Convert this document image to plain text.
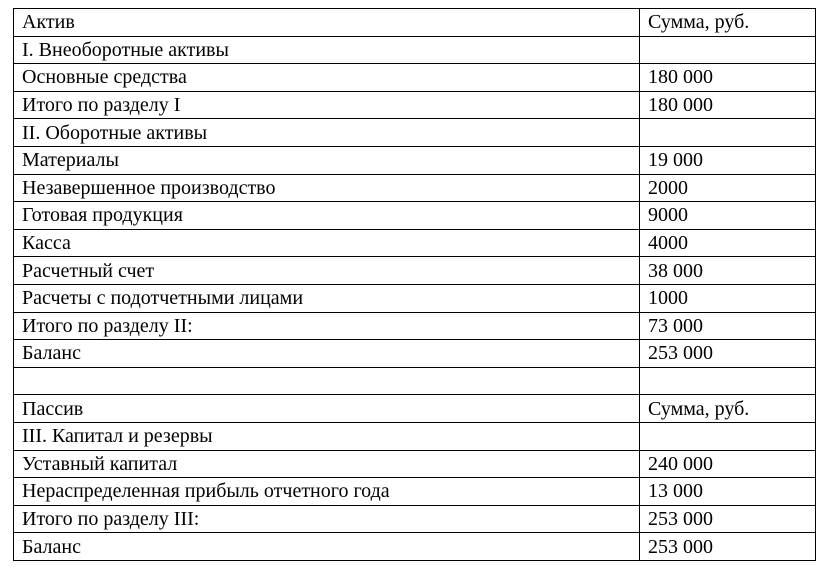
Актив	Сумма, руб.
I. Внеоборотные активы	
Основные средства	180 000
Итого по разделу I	180 000
II. Оборотные активы	
Материалы	19 000
Незавершенное производство	2000
Готовая продукция	9000
Касса	4000
Расчетный счет	38 000
Расчеты с подотчетными лицами	1000
Итого по разделу II:	73 000
Баланс	253 000

Пассив	Сумма, руб.
III. Капитал и резервы	
Уставный капитал	240 000
Нераспределенная прибыль отчетного года	13 000
Итого по разделу III:	253 000
Баланс	253 000
